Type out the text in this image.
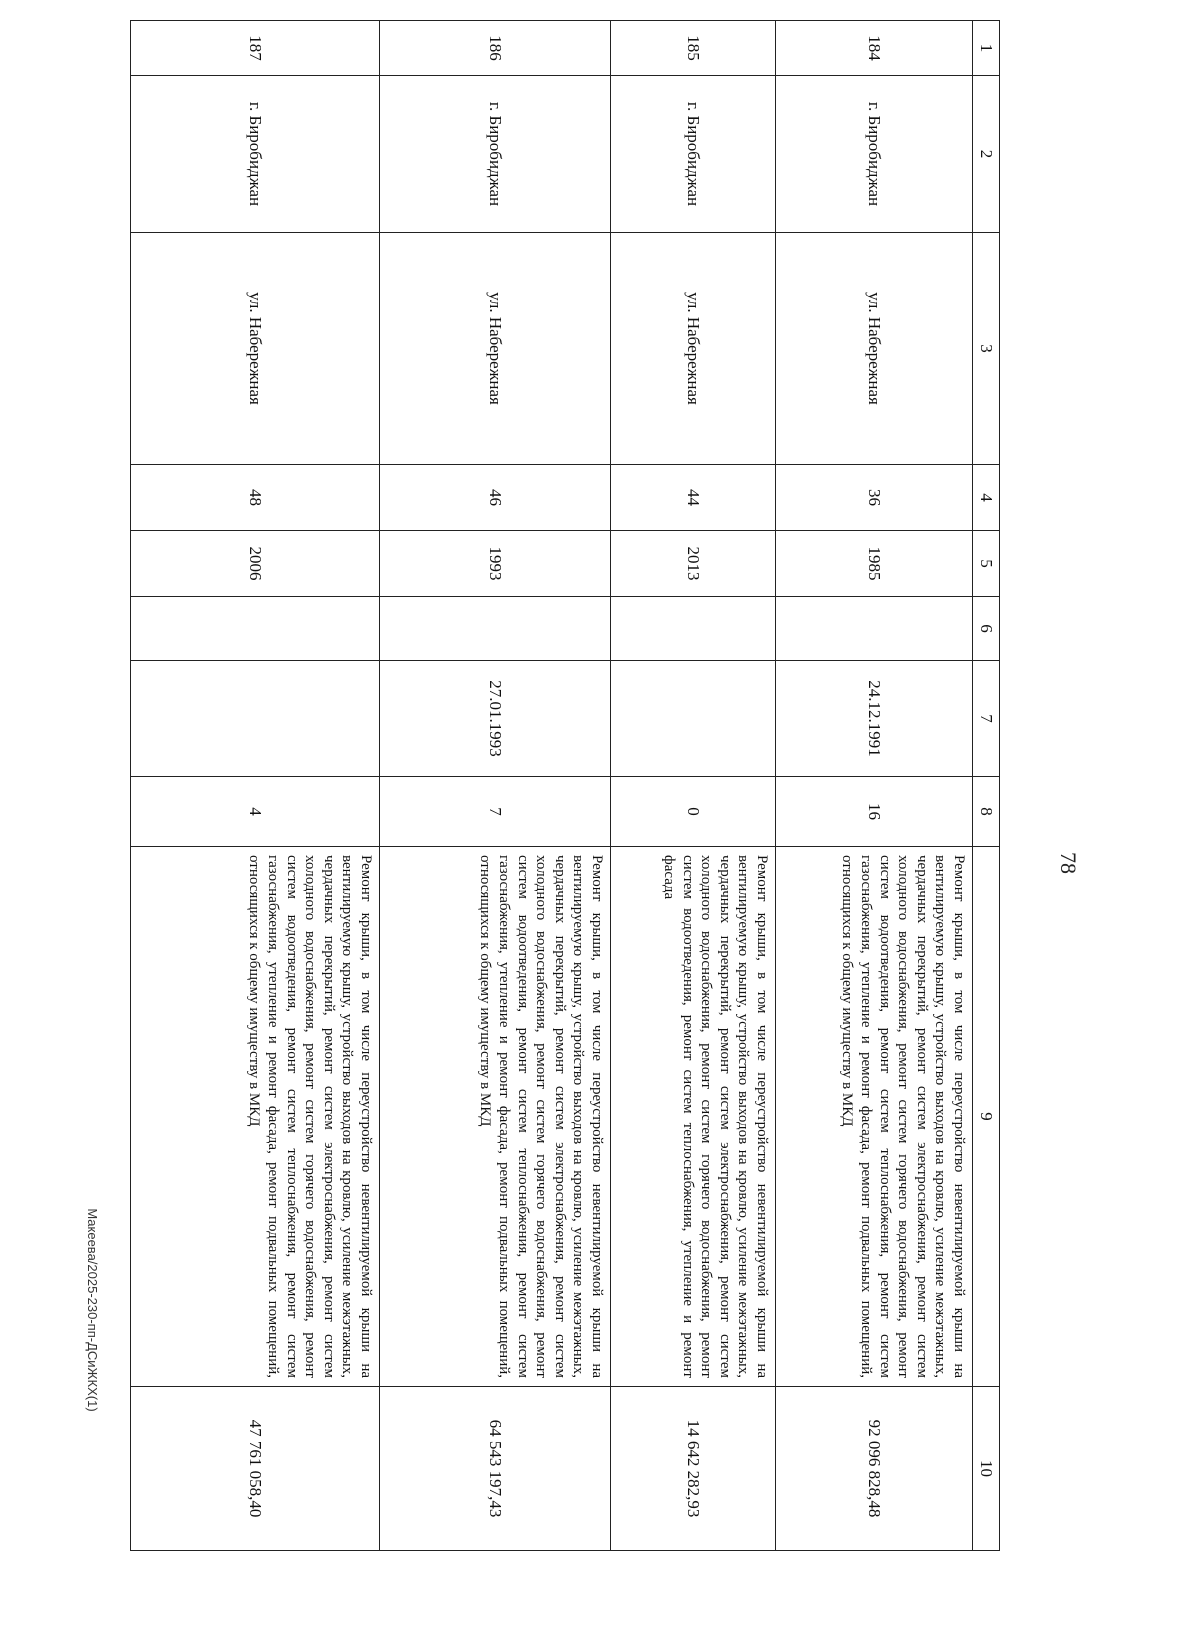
78
1	2	3	4	5	6	7	8	9	10
184	г. Биробиджан	ул. Набережная	36	1985		24.12.1991	16	Ремонт крыши, в том числе переустройство невентилируемой крыши на вентилируемую крышу, устройство выходов на кровлю, усиление межэтажных, чердачных перекрытий, ремонт систем электроснабжения, ремонт систем холодного водоснабжения, ремонт систем горячего водоснабжения, ремонт систем водоотведения, ремонт систем теплоснабжения, ремонт систем газоснабжения, утепление и ремонт фасада, ремонт подвальных помещений, относящихся к общему имуществу в МКД	92 096 828,48
185	г. Биробиджан	ул. Набережная	44	2013			0	Ремонт крыши, в том числе переустройство невентилируемой крыши на вентилируемую крышу, устройство выходов на кровлю, усиление межэтажных, чердачных перекрытий, ремонт систем электроснабжения, ремонт систем холодного водоснабжения, ремонт систем горячего водоснабжения, ремонт систем водоотведения, ремонт систем теплоснабжения, утепление и ремонт фасада	14 642 282,93
186	г. Биробиджан	ул. Набережная	46	1993		27.01.1993	7	Ремонт крыши, в том числе переустройство невентилируемой крыши на вентилируемую крышу, устройство выходов на кровлю, усиление межэтажных, чердачных перекрытий, ремонт систем электроснабжения, ремонт систем холодного водоснабжения, ремонт систем горячего водоснабжения, ремонт систем водоотведения, ремонт систем теплоснабжения, ремонт систем газоснабжения, утепление и ремонт фасада, ремонт подвальных помещений, относящихся к общему имуществу в МКД	64 543 197,43
187	г. Биробиджан	ул. Набережная	48	2006			4	Ремонт крыши, в том числе переустройство невентилируемой крыши на вентилируемую крышу, устройство выходов на кровлю, усиление межэтажных, чердачных перекрытий, ремонт систем электроснабжения, ремонт систем холодного водоснабжения, ремонт систем горячего водоснабжения, ремонт систем водоотведения, ремонт систем теплоснабжения, ремонт систем газоснабжения, утепление и ремонт фасада, ремонт подвальных помещений, относящихся к общему имуществу в МКД	47 761 058,40
Макеева/2025-230-пп-ДСиЖКХ(1)
